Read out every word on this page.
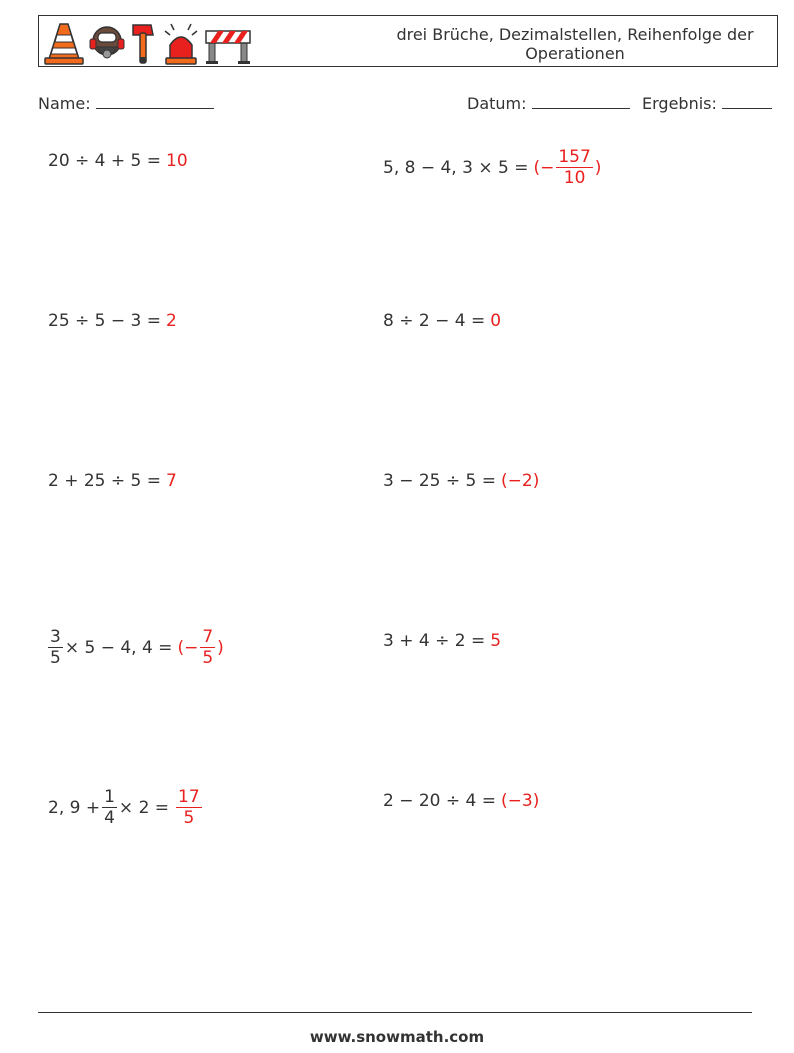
drei Brüche, Dezimalstellen, Reihenfolge der Operationen
Name:	Datum:	Ergebnis:
20 ÷ 4 + 5 = 10	5, 8 − 4, 3 × 5 = (− $\frac{157}{10}$ )
25 ÷ 5 − 3 = 2	8 ÷ 2 − 4 = 0
2 + 25 ÷ 5 = 7	3 − 25 ÷ 5 = (−2)
$\frac{3}{5} \times 5 - 4$, 4 = (− $\frac{7}{5}$ )	3 + 4 ÷ 2 = 5
2, $9 + \frac{1}{4} \times 2 = \frac{17}{5}$	2 − 20 ÷ 4 = (−3)
www.snowmath.com
